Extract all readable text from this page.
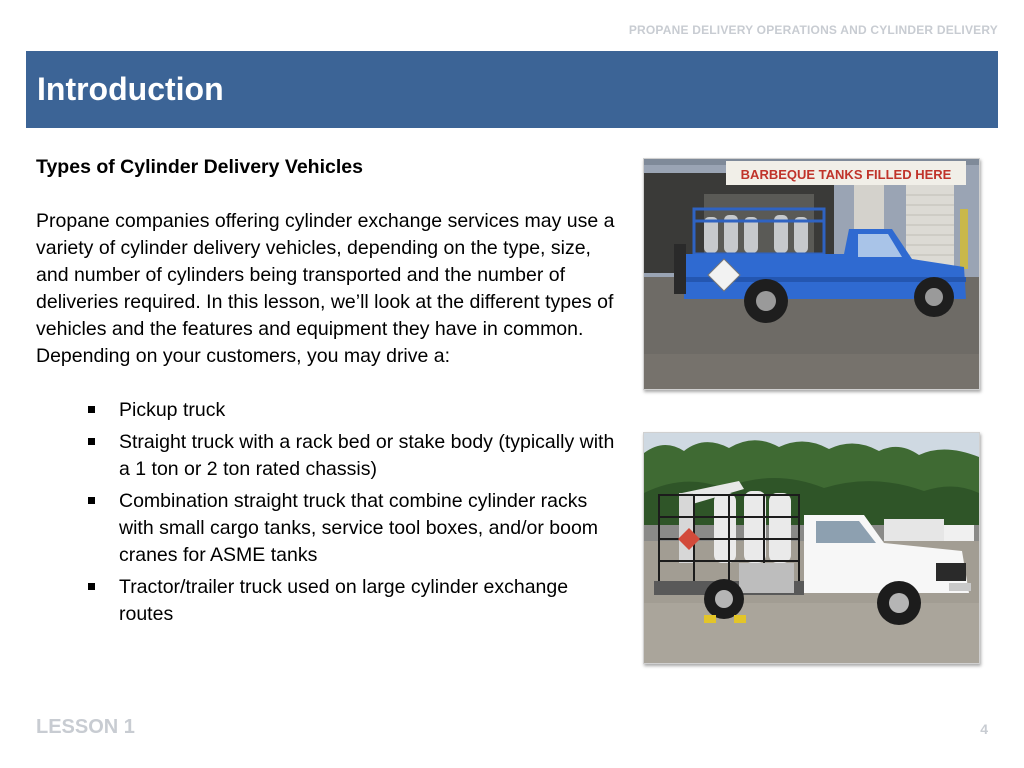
PROPANE DELIVERY OPERATIONS AND CYLINDER DELIVERY
Introduction

Types of Cylinder Delivery Vehicles

Propane companies offering cylinder exchange services may use a variety of cylinder delivery vehicles, depending on the type, size, and number of cylinders being transported and the number of deliveries required. In this lesson, we’ll look at the different types of vehicles and the features and equipment they have in common. Depending on your customers, you may drive a:

Pickup truck
Straight truck with a rack bed or stake body (typically with a 1 ton or 2 ton rated chassis)
Combination straight truck that combine cylinder racks with small cargo tanks, service tool boxes, and/or boom cranes for ASME tanks
Tractor/trailer truck used on large cylinder exchange routes
BARBEQUE TANKS FILLED HERE
LESSON 1	4
